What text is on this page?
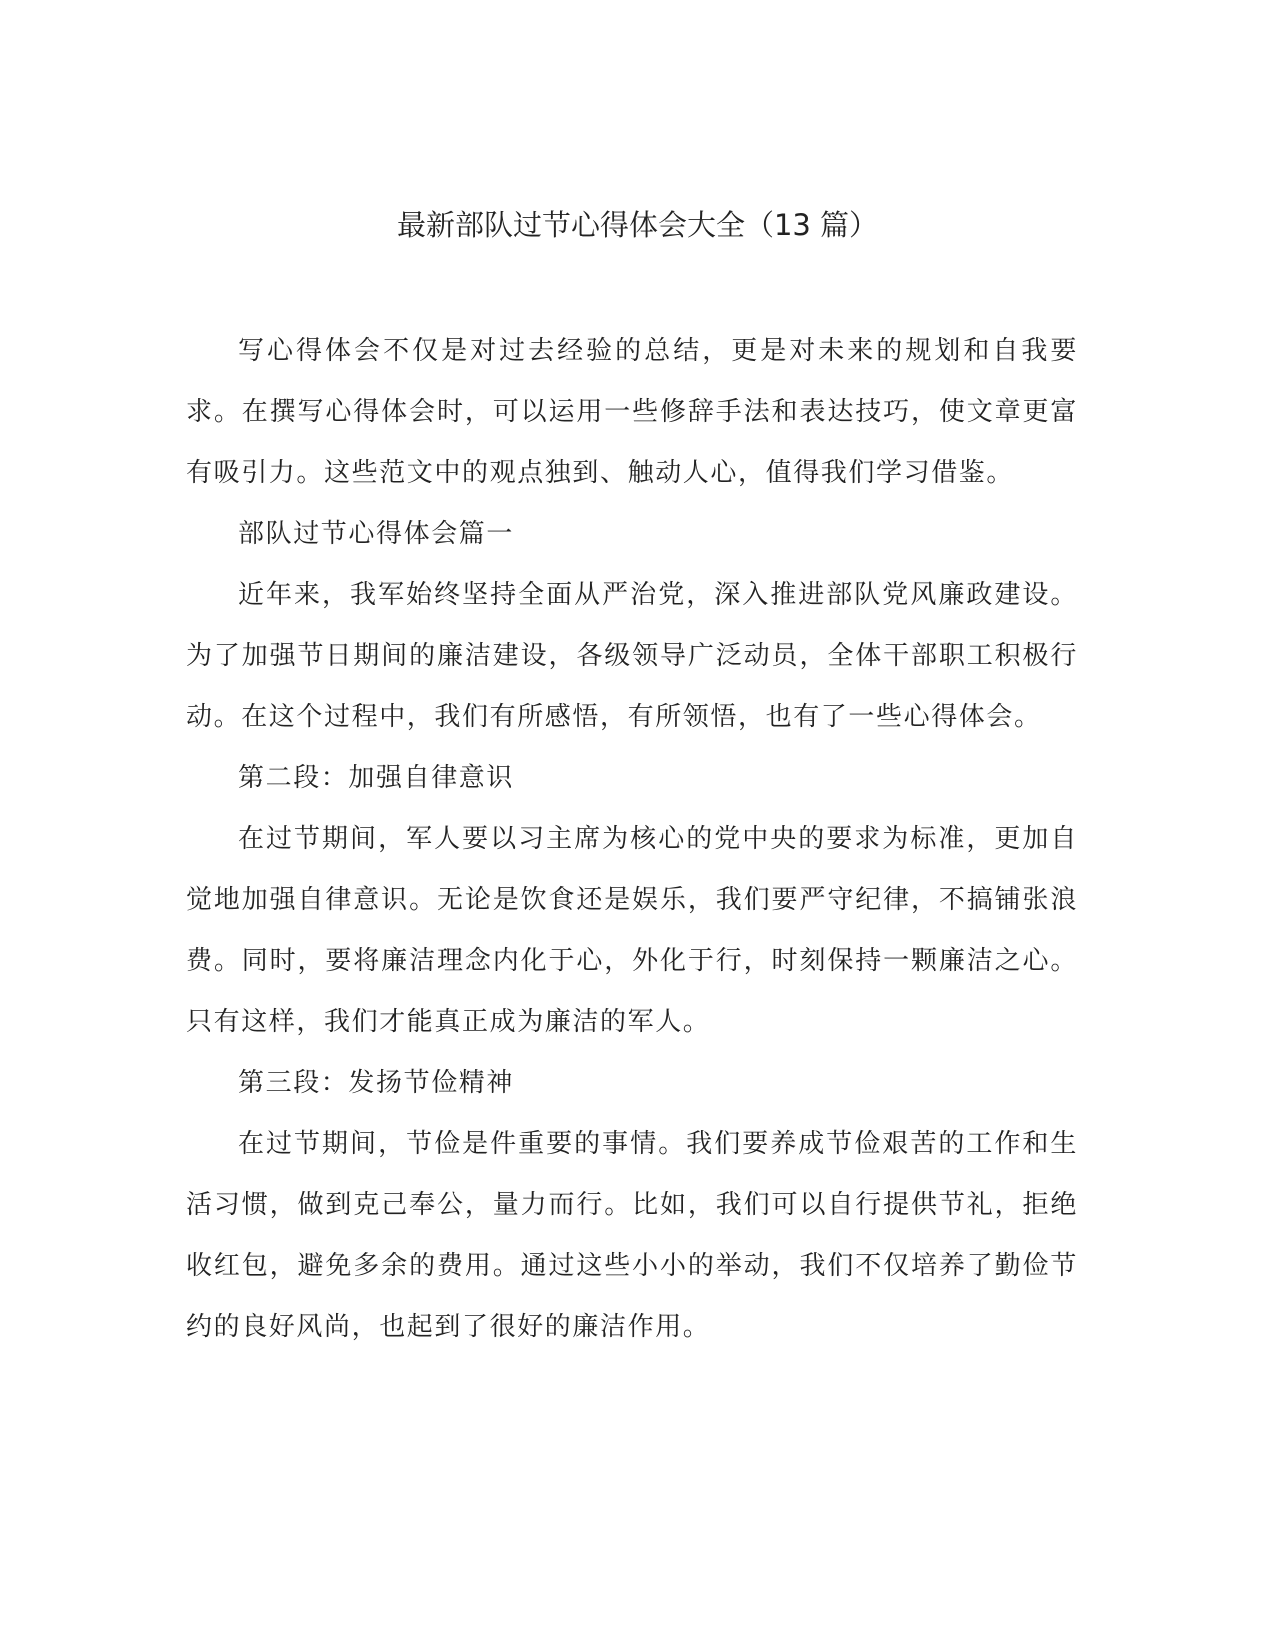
最新部队过节心得体会大全（13 篇）

写心得体会不仅是对过去经验的总结，更是对未来的规划和自我要求。在撰写心得体会时，可以运用一些修辞手法和表达技巧，使文章更富有吸引力。这些范文中的观点独到、触动人心，值得我们学习借鉴。

部队过节心得体会篇一

近年来，我军始终坚持全面从严治党，深入推进部队党风廉政建设。为了加强节日期间的廉洁建设，各级领导广泛动员，全体干部职工积极行动。在这个过程中，我们有所感悟，有所领悟，也有了一些心得体会。

第二段：加强自律意识

在过节期间，军人要以习主席为核心的党中央的要求为标准，更加自觉地加强自律意识。无论是饮食还是娱乐，我们要严守纪律，不搞铺张浪费。同时，要将廉洁理念内化于心，外化于行，时刻保持一颗廉洁之心。只有这样，我们才能真正成为廉洁的军人。

第三段：发扬节俭精神

在过节期间，节俭是件重要的事情。我们要养成节俭艰苦的工作和生活习惯，做到克己奉公，量力而行。比如，我们可以自行提供节礼，拒绝收红包，避免多余的费用。通过这些小小的举动，我们不仅培养了勤俭节约的良好风尚，也起到了很好的廉洁作用。
